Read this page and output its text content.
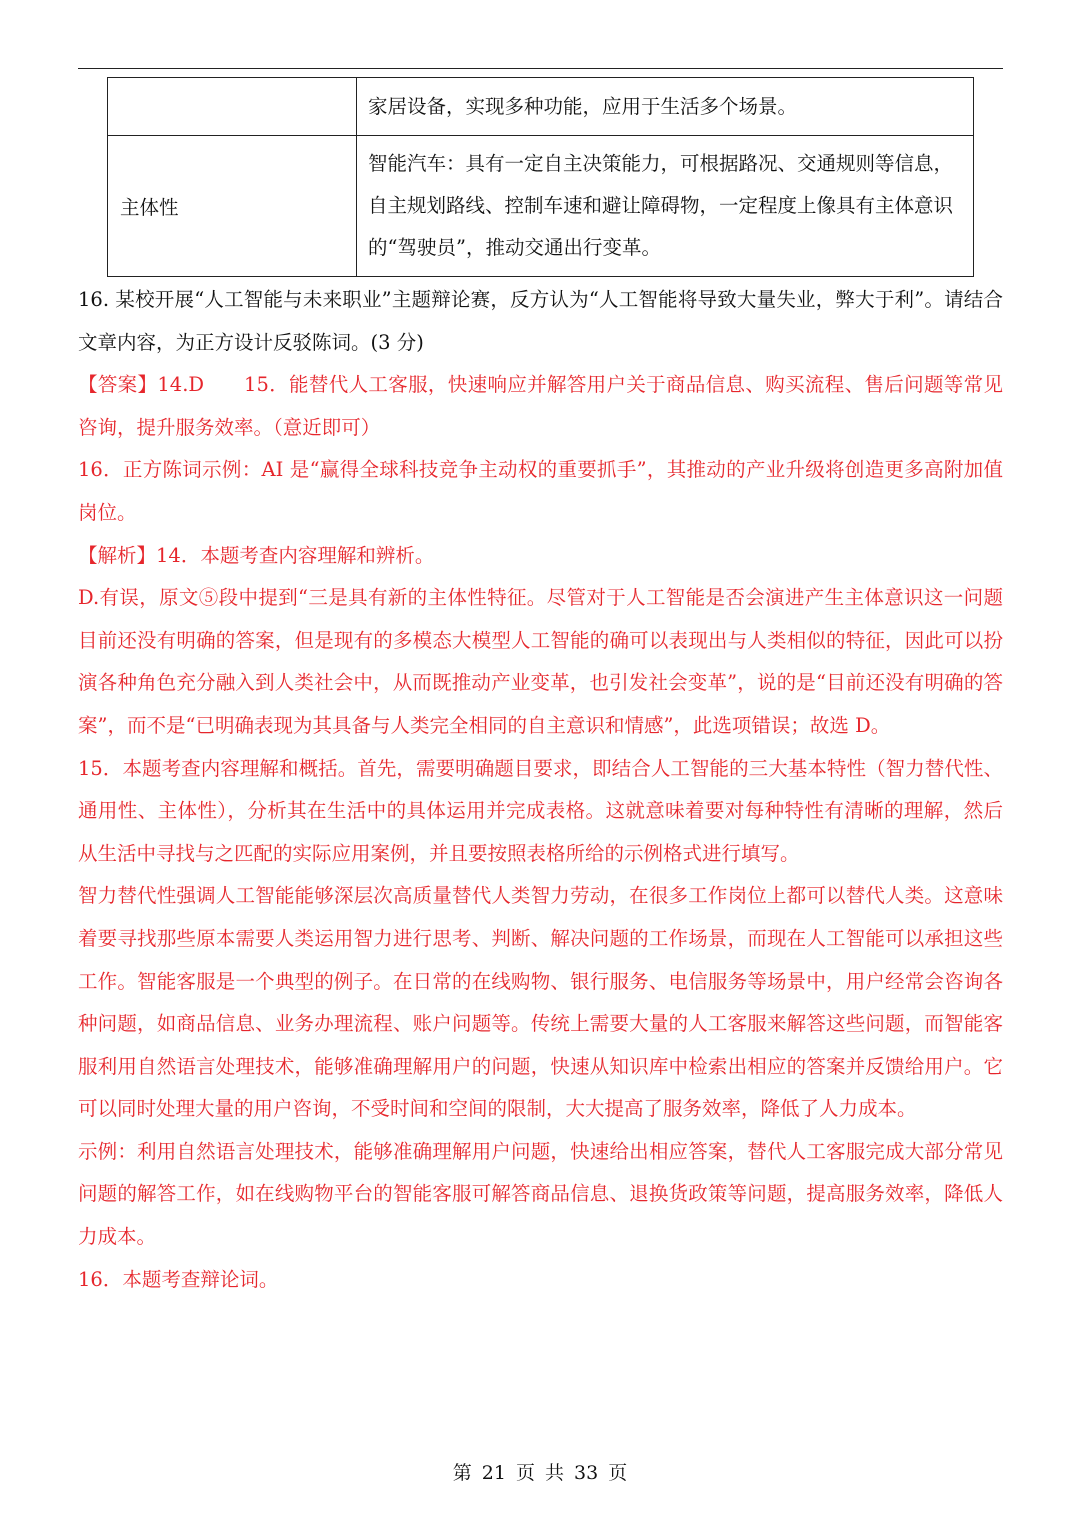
	家居设备，实现多种功能，应用于生活多个场景。
主体性	智能汽车：具有一定自主决策能力，可根据路况、交通规则等信息，自主规划路线、控制车速和避让障碍物，一定程度上像具有主体意识的“驾驶员”，推动交通出行变革。

16. 某校开展“人工智能与未来职业”主题辩论赛，反方认为“人工智能将导致大量失业，弊大于利”。请结合文章内容，为正方设计反驳陈词。(3 分)

【答案】14.D　　15．能替代人工客服，快速响应并解答用户关于商品信息、购买流程、售后问题等常见咨询，提升服务效率。（意近即可）

16．正方陈词示例：AI 是“赢得全球科技竞争主动权的重要抓手”，其推动的产业升级将创造更多高附加值岗位。

【解析】14．本题考查内容理解和辨析。

D.有误，原文⑤段中提到“三是具有新的主体性特征。尽管对于人工智能是否会演进产生主体意识这一问题目前还没有明确的答案，但是现有的多模态大模型人工智能的确可以表现出与人类相似的特征，因此可以扮演各种角色充分融入到人类社会中，从而既推动产业变革，也引发社会变革”，说的是“目前还没有明确的答案”，而不是“已明确表现为其具备与人类完全相同的自主意识和情感”，此选项错误；故选 D。

15．本题考查内容理解和概括。首先，需要明确题目要求，即结合人工智能的三大基本特性（智力替代性、通用性、主体性），分析其在生活中的具体运用并完成表格。这就意味着要对每种特性有清晰的理解，然后从生活中寻找与之匹配的实际应用案例，并且要按照表格所给的示例格式进行填写。

智力替代性强调人工智能能够深层次高质量替代人类智力劳动，在很多工作岗位上都可以替代人类。这意味着要寻找那些原本需要人类运用智力进行思考、判断、解决问题的工作场景，而现在人工智能可以承担这些工作。智能客服是一个典型的例子。在日常的在线购物、银行服务、电信服务等场景中，用户经常会咨询各种问题，如商品信息、业务办理流程、账户问题等。传统上需要大量的人工客服来解答这些问题，而智能客服利用自然语言处理技术，能够准确理解用户的问题，快速从知识库中检索出相应的答案并反馈给用户。它可以同时处理大量的用户咨询，不受时间和空间的限制，大大提高了服务效率，降低了人力成本。

示例：利用自然语言处理技术，能够准确理解用户问题，快速给出相应答案，替代人工客服完成大部分常见问题的解答工作，如在线购物平台的智能客服可解答商品信息、退换货政策等问题，提高服务效率，降低人力成本。

16．本题考查辩论词。

第 21 页 共 33 页
